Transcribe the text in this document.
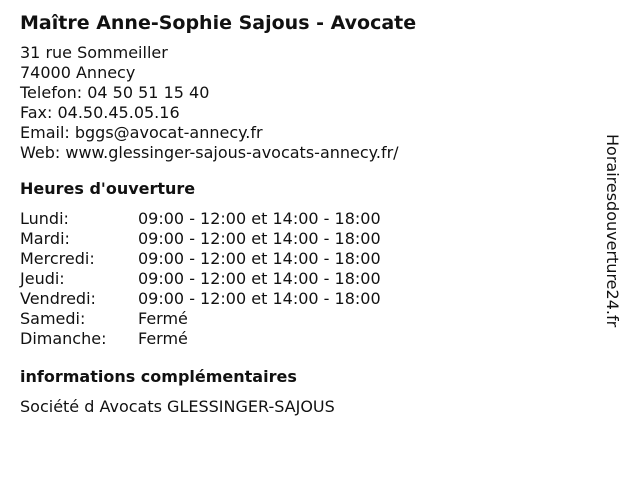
Maître Anne-Sophie Sajous - Avocate
31 rue Sommeiller
74000 Annecy
Telefon: 04 50 51 15 40
Fax: 04.50.45.05.16
Email: bggs@avocat-annecy.fr
Web: www.glessinger-sajous-avocats-annecy.fr/
Heures d'ouverture
Lundi:	09:00 - 12:00 et 14:00 - 18:00
Mardi:	09:00 - 12:00 et 14:00 - 18:00
Mercredi:	09:00 - 12:00 et 14:00 - 18:00
Jeudi:	09:00 - 12:00 et 14:00 - 18:00
Vendredi:	09:00 - 12:00 et 14:00 - 18:00
Samedi:	Fermé
Dimanche:	Fermé
informations complémentaires
Société d Avocats GLESSINGER-SAJOUS
Horairesdouverture24.fr
